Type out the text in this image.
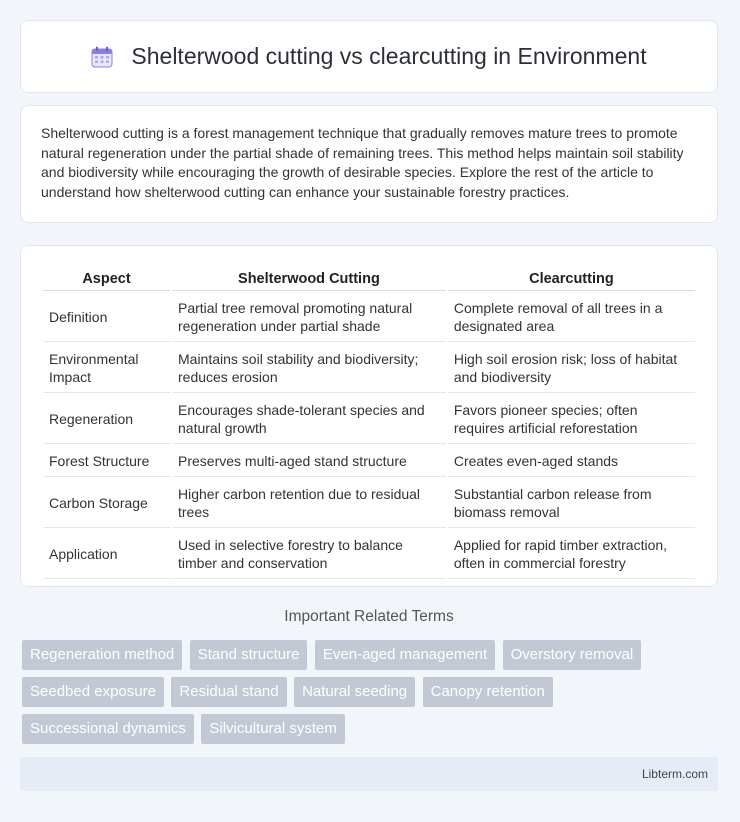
Shelterwood cutting vs clearcutting in Environment

Shelterwood cutting is a forest management technique that gradually removes mature trees to promote natural regeneration under the partial shade of remaining trees. This method helps maintain soil stability and biodiversity while encouraging the growth of desirable species. Explore the rest of the article to understand how shelterwood cutting can enhance your sustainable forestry practices.

Aspect	Shelterwood Cutting	Clearcutting
Definition	Partial tree removal promoting natural regeneration under partial shade	Complete removal of all trees in a designated area
Environmental Impact	Maintains soil stability and biodiversity; reduces erosion	High soil erosion risk; loss of habitat and biodiversity
Regeneration	Encourages shade-tolerant species and natural growth	Favors pioneer species; often requires artificial reforestation
Forest Structure	Preserves multi-aged stand structure	Creates even-aged stands
Carbon Storage	Higher carbon retention due to residual trees	Substantial carbon release from biomass removal
Application	Used in selective forestry to balance timber and conservation	Applied for rapid timber extraction, often in commercial forestry
Important Related Terms
Regeneration method Stand structure Even-aged management Overstory removal Seedbed exposure Residual stand Natural seeding Canopy retention Successional dynamics Silvicultural system
Libterm.com
